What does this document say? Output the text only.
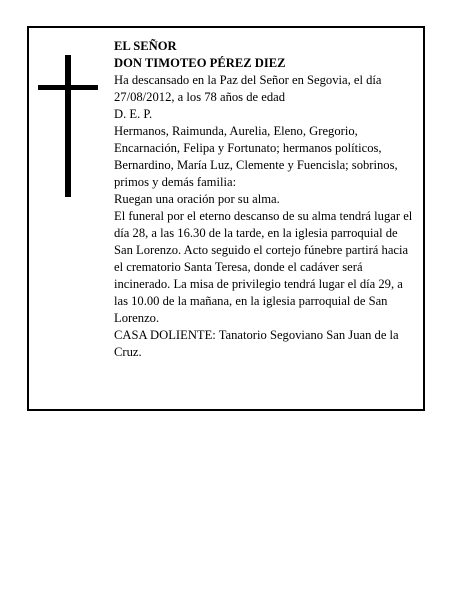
EL SEÑOR

DON TIMOTEO PÉREZ DIEZ

Ha descansado en la Paz del Señor en Segovia, el día 27/08/2012, a los 78 años de edad

D. E. P.

Hermanos, Raimunda, Aurelia, Eleno, Gregorio, Encarnación, Felipa y Fortunato; hermanos políticos, Bernardino, María Luz, Clemente y Fuencisla; sobrinos, primos y demás familia:

Ruegan una oración por su alma.

El funeral por el eterno descanso de su alma tendrá lugar el día 28, a las 16.30 de la tarde, en la iglesia parroquial de San Lorenzo. Acto seguido el cortejo fúnebre partirá hacia el crematorio Santa Teresa, donde el cadáver será incinerado. La misa de privilegio tendrá lugar el día 29, a las 10.00 de la mañana, en la iglesia parroquial de San Lorenzo.

CASA DOLIENTE: Tanatorio Segoviano San Juan de la Cruz.
